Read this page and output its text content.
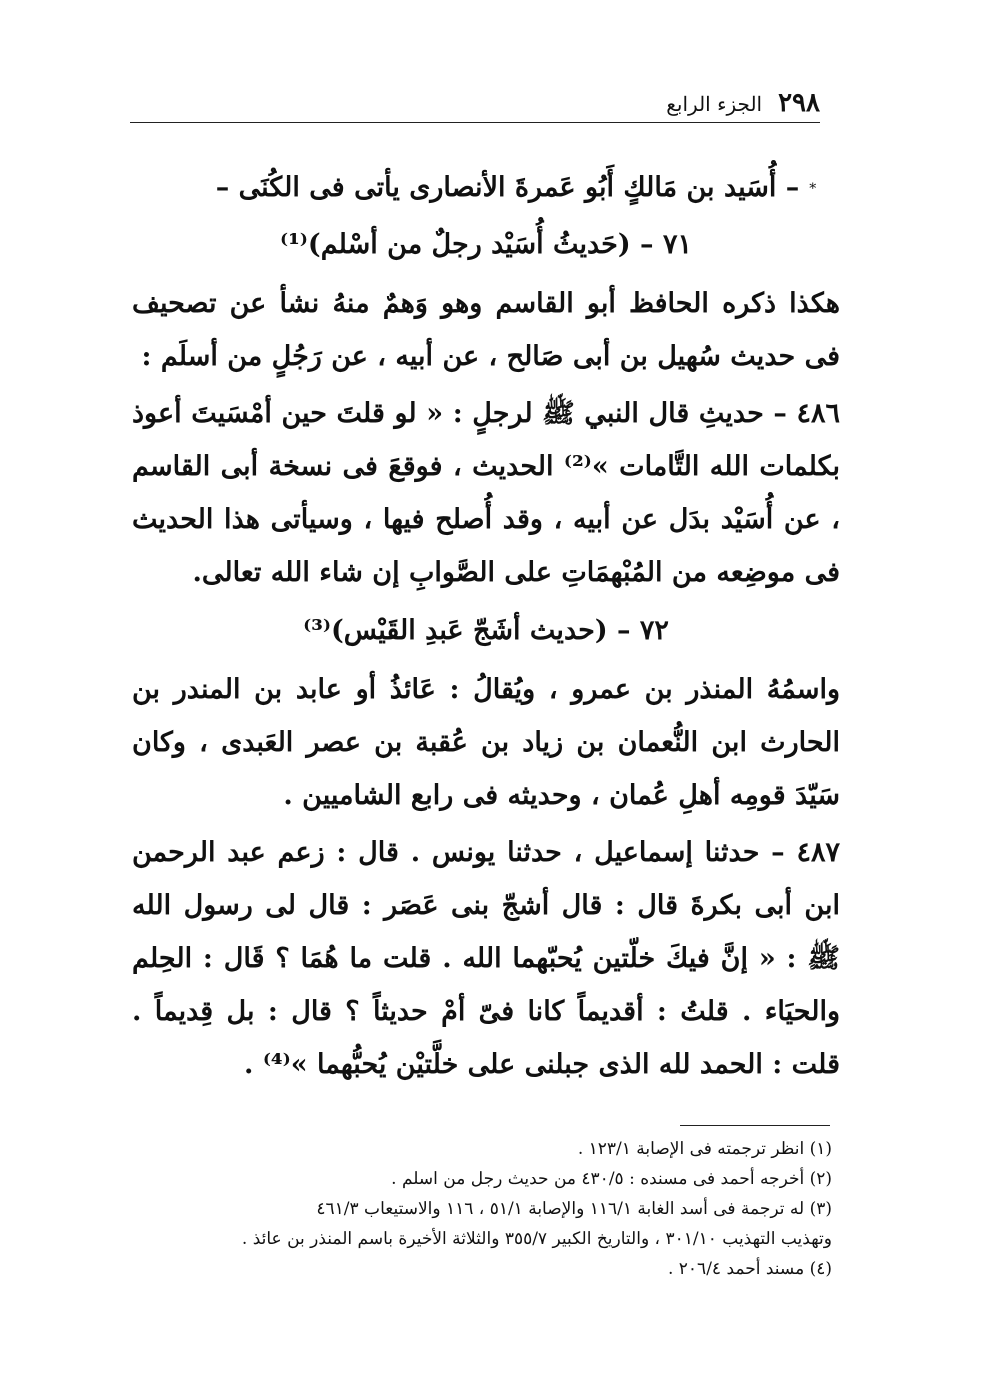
٢٩٨
الجزء الرابع
*– أُسَيد بن مَالكٍ أَبُو عَمرةَ الأنصارى يأتى فى الكُنَى –
٧١ – (حَديثُ أُسَيْد رجلٌ من أسْلم)⁽¹⁾

هكذا ذكره الحافظ أبو القاسم وهو وَهمٌ منهُ نشأ عن تصحيف فى حديث سُهيل بن أبى صَالح ، عن أبيه ، عن رَجُلٍ من أسلَم :

٤٨٦ – حديثِ قال النبي ﷺ لرجلٍ : « لو قلتَ حين أمْسَيتَ أعوذ بكلمات الله التَّامات »⁽²⁾ الحديث ، فوقعَ فى نسخة أبى القاسم ، عن أُسَيْد بدَل عن أبيه ، وقد أُصلح فيها ، وسيأتى هذا الحديث فى موضِعه من المُبْهمَاتِ على الصَّوابِ إن شاء الله تعالى.

٧٢ – (حديث أشَجّ عَبدِ القَيْس)⁽³⁾

واسمُهُ المنذر بن عمرو ، ويُقالُ : عَائذُ أو عابد بن المندر بن الحارث ابن النُّعمان بن زياد بن عُقبة بن عصر العَبدى ، وكان سَيّدَ قومِه أهلِ عُمان ، وحديثه فى رابع الشاميين .

٤٨٧ – حدثنا إسماعيل ، حدثنا يونس . قال : زعم عبد الرحمن ابن أبى بكرةَ قال : قال أشجّ بنى عَصَر : قال لى رسول الله ﷺ : « إنَّ فيكَ خلّتين يُحبّهما الله . قلت ما هُمَا ؟ قَال : الحِلم والحيَاء . قلتُ : أقديماً كانا فىّ أمْ حديثاً ؟ قال : بل قِديماً . قلت : الحمد لله الذى جبلنى على خلَّتيْن يُحبُّهما »⁽⁴⁾ .

(١) انظر ترجمته فى الإصابة ١٢٣/١ .

(٢) أخرجه أحمد فى مسنده : ٤٣٠/٥ من حديث رجل من اسلم .

(٣) له ترجمة فى أسد الغابة ١١٦/١ والإصابة ٥١/١ ، ١١٦ والاستيعاب ٤٦١/٣

وتهذيب التهذيب ٣٠١/١٠ ، والتاريخ الكبير ٣٥٥/٧ والثلاثة الأخيرة باسم المنذر بن عائذ .

(٤) مسند أحمد ٢٠٦/٤ .
